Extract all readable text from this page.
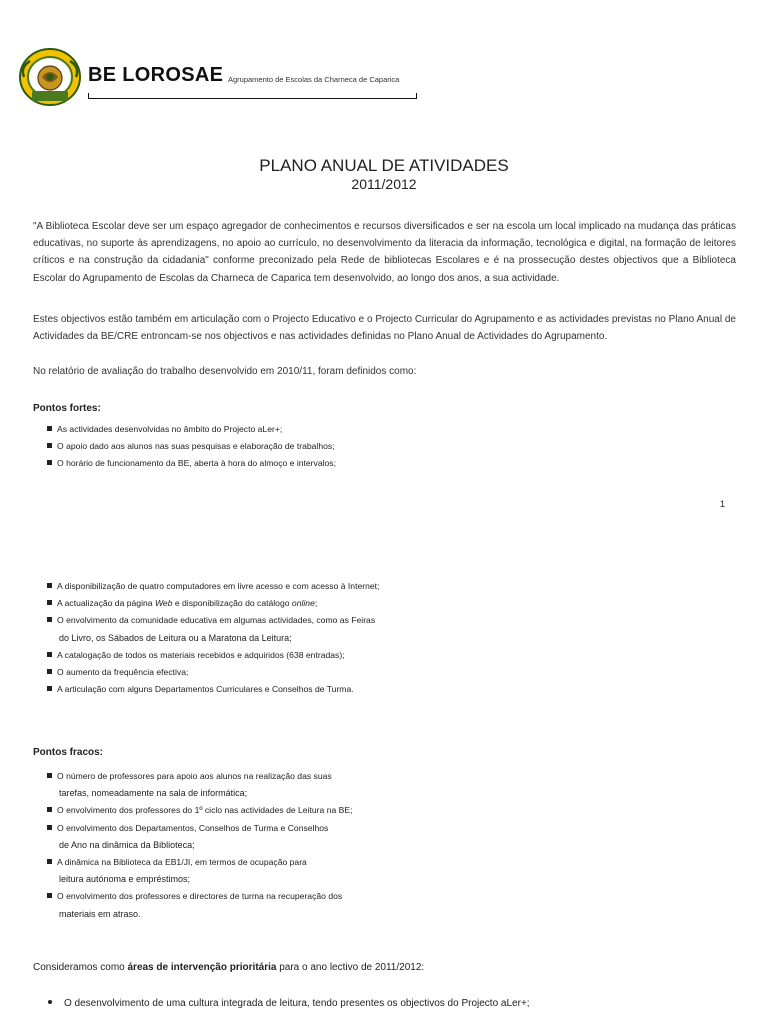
BE LOROSAE Agrupamento de Escolas da Charneca de Caparica
PLANO ANUAL DE ATIVIDADES
2011/2012

"A Biblioteca Escolar deve ser um espaço agregador de conhecimentos e recursos diversificados e ser na escola um local implicado na mudança das práticas educativas, no suporte às aprendizagens, no apoio ao currículo, no desenvolvimento da literacia da informação, tecnológica e digital, na formação de leitores críticos e na construção da cidadania" conforme preconizado pela Rede de bibliotecas Escolares e é na prossecução destes objectivos que a Biblioteca Escolar do Agrupamento de Escolas da Charneca de Caparica tem desenvolvido, ao longo dos anos, a sua actividade.

Estes objectivos estão também em articulação com o Projecto Educativo e o Projecto Curricular do Agrupamento e as actividades previstas no Plano Anual de Actividades da BE/CRE entroncam-se nos objectivos e nas actividades definidas no Plano Anual de Actividades do Agrupamento.

No relatório de avaliação do trabalho desenvolvido em 2010/11, foram definidos como:

Pontos fortes:
As actividades desenvolvidas no âmbito do Projecto aLer+;
O apoio dado aos alunos nas suas pesquisas e elaboração de trabalhos;
O horário de funcionamento da BE, aberta à hora do almoço e intervalos;
1
A disponibilização de quatro computadores em livre acesso e com acesso à Internet;
A actualização da página Web e disponibilização do catálogo online;
O envolvimento da comunidade educativa em algumas actividades, como as Feiras
do Livro, os Sábados de Leitura ou a Maratona da Leitura;
A catalogação de todos os materiais recebidos e adquiridos (638 entradas);
O aumento da frequência efectiva;
A articulação com alguns Departamentos Curriculares e Conselhos de Turma.
Pontos fracos:
O número de professores para apoio aos alunos na realização das suas
tarefas, nomeadamente na sala de informática;
O envolvimento dos professores do 1º ciclo nas actividades de Leitura na BE;
O envolvimento dos Departamentos, Conselhos de Turma e Conselhos
de Ano na dinâmica da Biblioteca;
A dinâmica na Biblioteca da EB1/JI, em termos de ocupação para
leitura autónoma e empréstimos;
O envolvimento dos professores e directores de turma na recuperação dos
materiais em atraso.
Consideramos como áreas de intervenção prioritária para o ano lectivo de 2011/2012:
O desenvolvimento de uma cultura integrada de leitura, tendo presentes os objectivos do Projecto aLer+;
